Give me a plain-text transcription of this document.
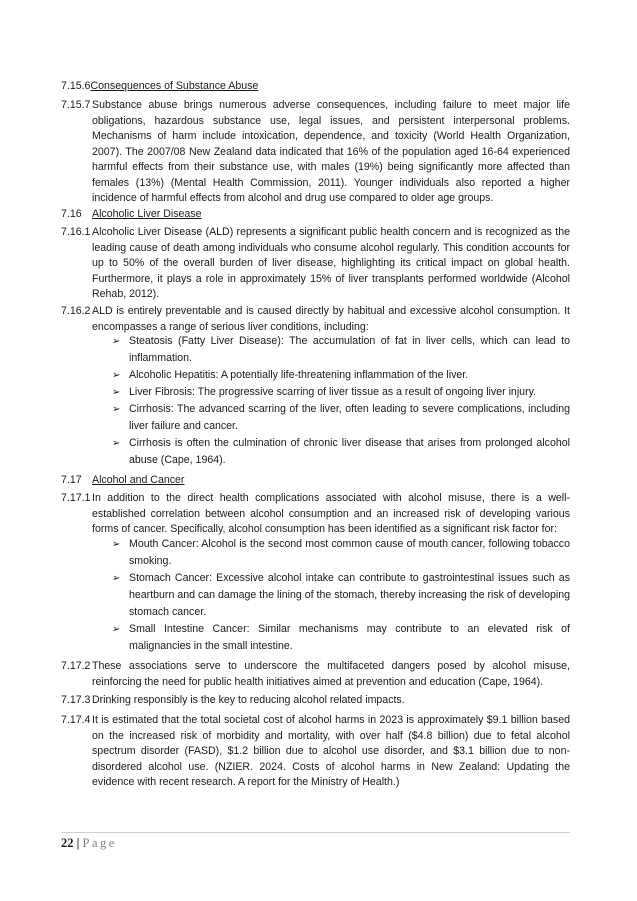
7.15.6Consequences of Substance Abuse
7.15.7 Substance abuse brings numerous adverse consequences, including failure to meet major life obligations, hazardous substance use, legal issues, and persistent interpersonal problems. Mechanisms of harm include intoxication, dependence, and toxicity (World Health Organization, 2007). The 2007/08 New Zealand data indicated that 16% of the population aged 16-64 experienced harmful effects from their substance use, with males (19%) being significantly more affected than females (13%) (Mental Health Commission, 2011). Younger individuals also reported a higher incidence of harmful effects from alcohol and drug use compared to older age groups.
7.16 Alcoholic Liver Disease
7.16.1 Alcoholic Liver Disease (ALD) represents a significant public health concern and is recognized as the leading cause of death among individuals who consume alcohol regularly. This condition accounts for up to 50% of the overall burden of liver disease, highlighting its critical impact on global health. Furthermore, it plays a role in approximately 15% of liver transplants performed worldwide (Alcohol Rehab, 2012).
7.16.2 ALD is entirely preventable and is caused directly by habitual and excessive alcohol consumption. It encompasses a range of serious liver conditions, including:
➢ Steatosis (Fatty Liver Disease): The accumulation of fat in liver cells, which can lead to inflammation.
➢ Alcoholic Hepatitis: A potentially life-threatening inflammation of the liver.
➢ Liver Fibrosis: The progressive scarring of liver tissue as a result of ongoing liver injury.
➢ Cirrhosis: The advanced scarring of the liver, often leading to severe complications, including liver failure and cancer.
➢ Cirrhosis is often the culmination of chronic liver disease that arises from prolonged alcohol abuse (Cape, 1964).
7.17 Alcohol and Cancer
7.17.1 In addition to the direct health complications associated with alcohol misuse, there is a well-established correlation between alcohol consumption and an increased risk of developing various forms of cancer. Specifically, alcohol consumption has been identified as a significant risk factor for:
➢ Mouth Cancer: Alcohol is the second most common cause of mouth cancer, following tobacco smoking.
➢ Stomach Cancer: Excessive alcohol intake can contribute to gastrointestinal issues such as heartburn and can damage the lining of the stomach, thereby increasing the risk of developing stomach cancer.
➢ Small Intestine Cancer: Similar mechanisms may contribute to an elevated risk of malignancies in the small intestine.
7.17.2 These associations serve to underscore the multifaceted dangers posed by alcohol misuse, reinforcing the need for public health initiatives aimed at prevention and education (Cape, 1964).
7.17.3 Drinking responsibly is the key to reducing alcohol related impacts.
7.17.4 It is estimated that the total societal cost of alcohol harms in 2023 is approximately $9.1 billion based on the increased risk of morbidity and mortality, with over half ($4.8 billion) due to fetal alcohol spectrum disorder (FASD), $1.2 billion due to alcohol use disorder, and $3.1 billion due to non-disordered alcohol use. (NZIER. 2024. Costs of alcohol harms in New Zealand: Updating the evidence with recent research. A report for the Ministry of Health.)
22 | Page
